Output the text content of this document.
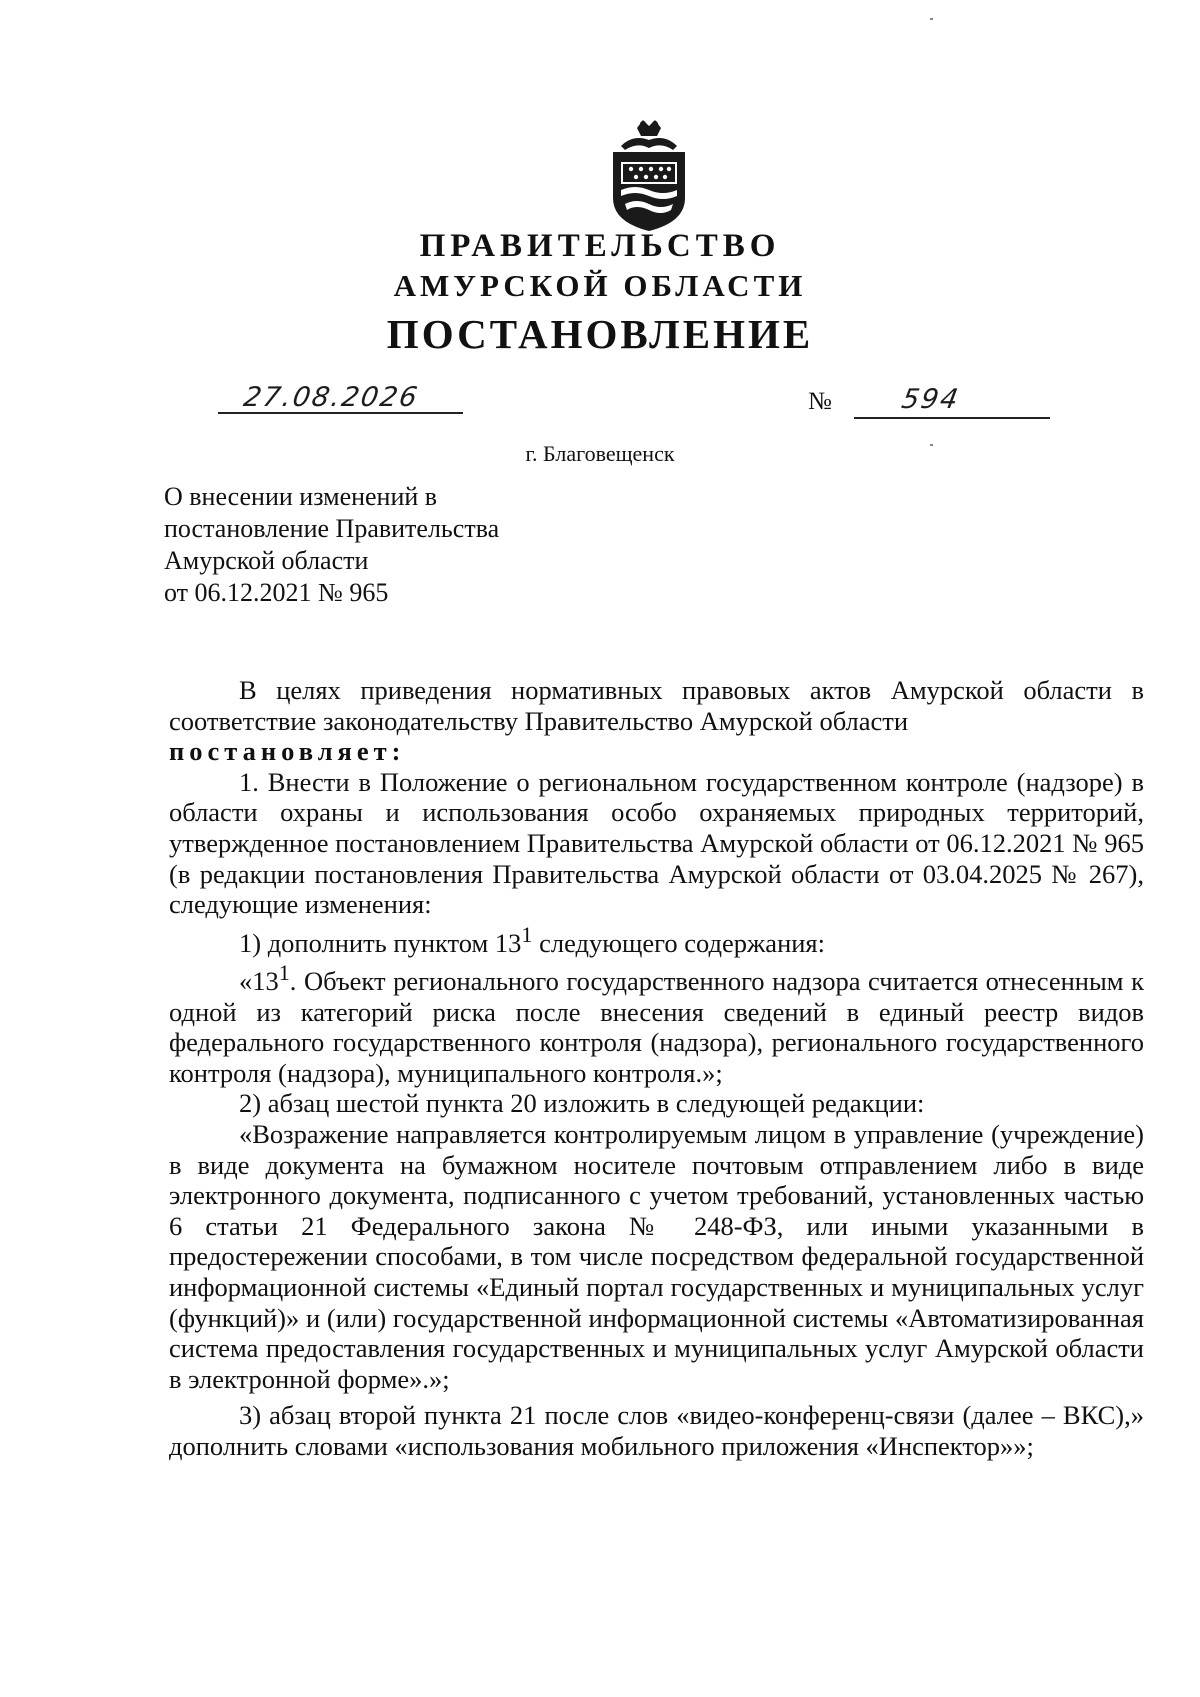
ПРАВИТЕЛЬСТВО
АМУРСКОЙ ОБЛАСТИ
ПОСТАНОВЛЕНИЕ
27.08.2026	№ 594
г. Благовещенск
О внесении изменений в
постановление Правительства
Амурской области
от 06.12.2021 № 965

В целях приведения нормативных правовых актов Амурской области в соответствие законодательству Правительство Амурской области

постановляет:

1. Внести в Положение о региональном государственном контроле (надзоре) в области охраны и использования особо охраняемых природных территорий, утвержденное постановлением Правительства Амурской области от 06.12.2021 № 965 (в редакции постановления Правительства Амурской области от 03.04.2025 № 267), следующие изменения:

1) дополнить пунктом $13^1$ следующего содержания:

«$13^1$. Объект регионального государственного надзора считается отнесенным к одной из категорий риска после внесения сведений в единый реестр видов федерального государственного контроля (надзора), регионального государственного контроля (надзора), муниципального контроля.»;

2) абзац шестой пункта 20 изложить в следующей редакции:

«Возражение направляется контролируемым лицом в управление (учреждение) в виде документа на бумажном носителе почтовым отправлением либо в виде электронного документа, подписанного с учетом требований, установленных частью 6 статьи 21 Федерального закона № 248-ФЗ, или иными указанными в предостережении способами, в том числе посредством федеральной государственной информационной системы «Единый портал государственных и муниципальных услуг (функций)» и (или) государственной информационной системы «Автоматизированная система предоставления государственных и муниципальных услуг Амурской области в электронной форме».»;

3) абзац второй пункта 21 после слов «видео-конференц-связи (далее – ВКС),» дополнить словами «использования мобильного приложения «Инспектор»»;
